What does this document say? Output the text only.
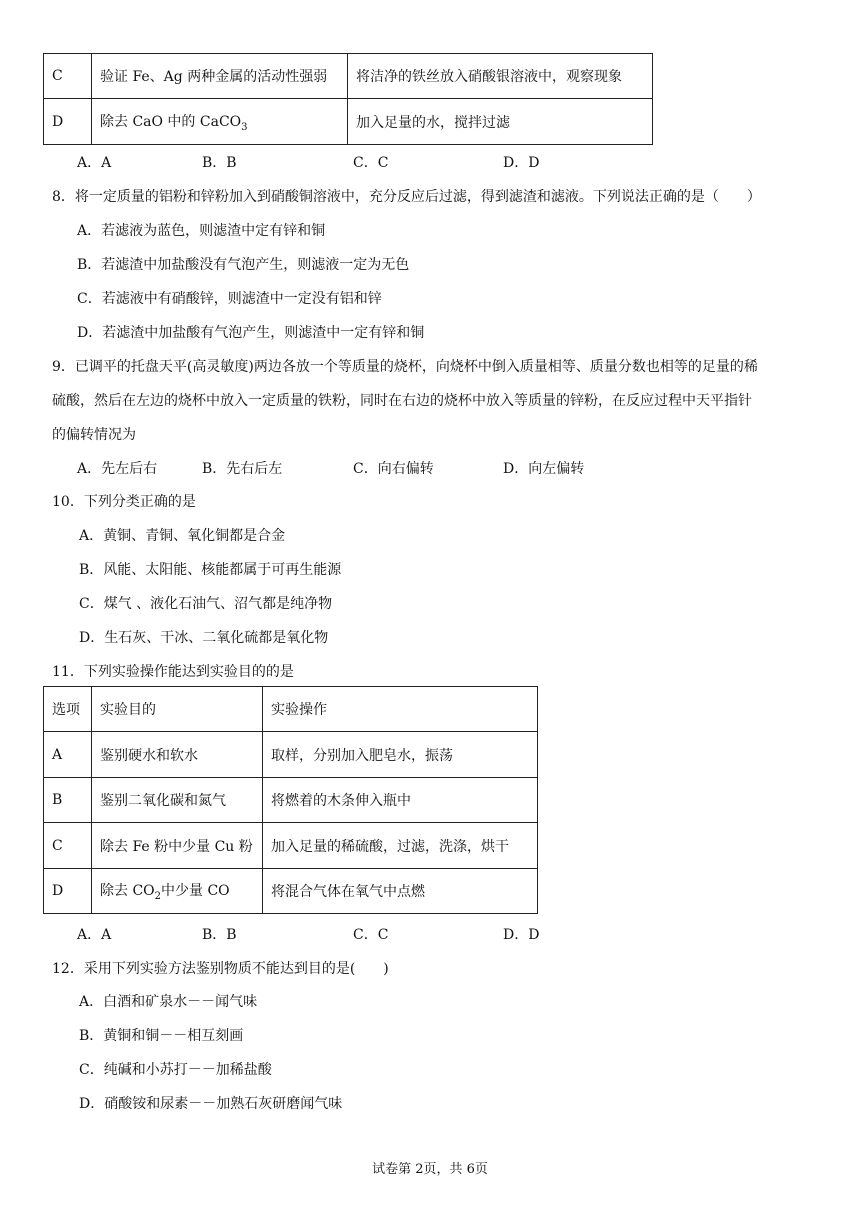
C	验证 Fe、Ag 两种金属的活动性强弱	将洁净的铁丝放入硝酸银溶液中，观察现象
D	除去 CaO 中的 CaCO$_3$	加入足量的水，搅拌过滤
A．A	B．B	C．C	D．D
8．将一定质量的铝粉和锌粉加入到硝酸铜溶液中，充分反应后过滤，得到滤渣和滤液。下列说法正确的是（　　）
A．若滤液为蓝色，则滤渣中定有锌和铜
B．若滤渣中加盐酸没有气泡产生，则滤液一定为无色
C．若滤液中有硝酸锌，则滤渣中一定没有铝和锌
D．若滤渣中加盐酸有气泡产生，则滤渣中一定有锌和铜
9．已调平的托盘天平(高灵敏度)两边各放一个等质量的烧杯，向烧杯中倒入质量相等、质量分数也相等的足量的稀
硫酸，然后在左边的烧杯中放入一定质量的铁粉，同时在右边的烧杯中放入等质量的锌粉，在反应过程中天平指针
的偏转情况为
A．先左后右	B．先右后左	C．向右偏转	D．向左偏转
10．下列分类正确的是
A．黄铜、青铜、氧化铜都是合金
B．风能、太阳能、核能都属于可再生能源
C．煤气 、液化石油气、沼气都是纯净物
D．生石灰、干冰、二氧化硫都是氧化物
11．下列实验操作能达到实验目的的是
选项	实验目的	实验操作
A	鉴别硬水和软水	取样，分别加入肥皂水，振荡
B	鉴别二氧化碳和氮气	将燃着的木条伸入瓶中
C	除去 Fe 粉中少量 Cu 粉	加入足量的稀硫酸，过滤，洗涤，烘干
D	除去 $CO_2$中少量 CO	将混合气体在氧气中点燃
A．A	B．B	C．C	D．D
12．采用下列实验方法鉴别物质不能达到目的是(　　)
A．白酒和矿泉水－－闻气味
B．黄铜和铜－－相互刻画
C．纯碱和小苏打－－加稀盐酸
D．硝酸铵和尿素－－加熟石灰研磨闻气味
试卷第 2页，共 6页
